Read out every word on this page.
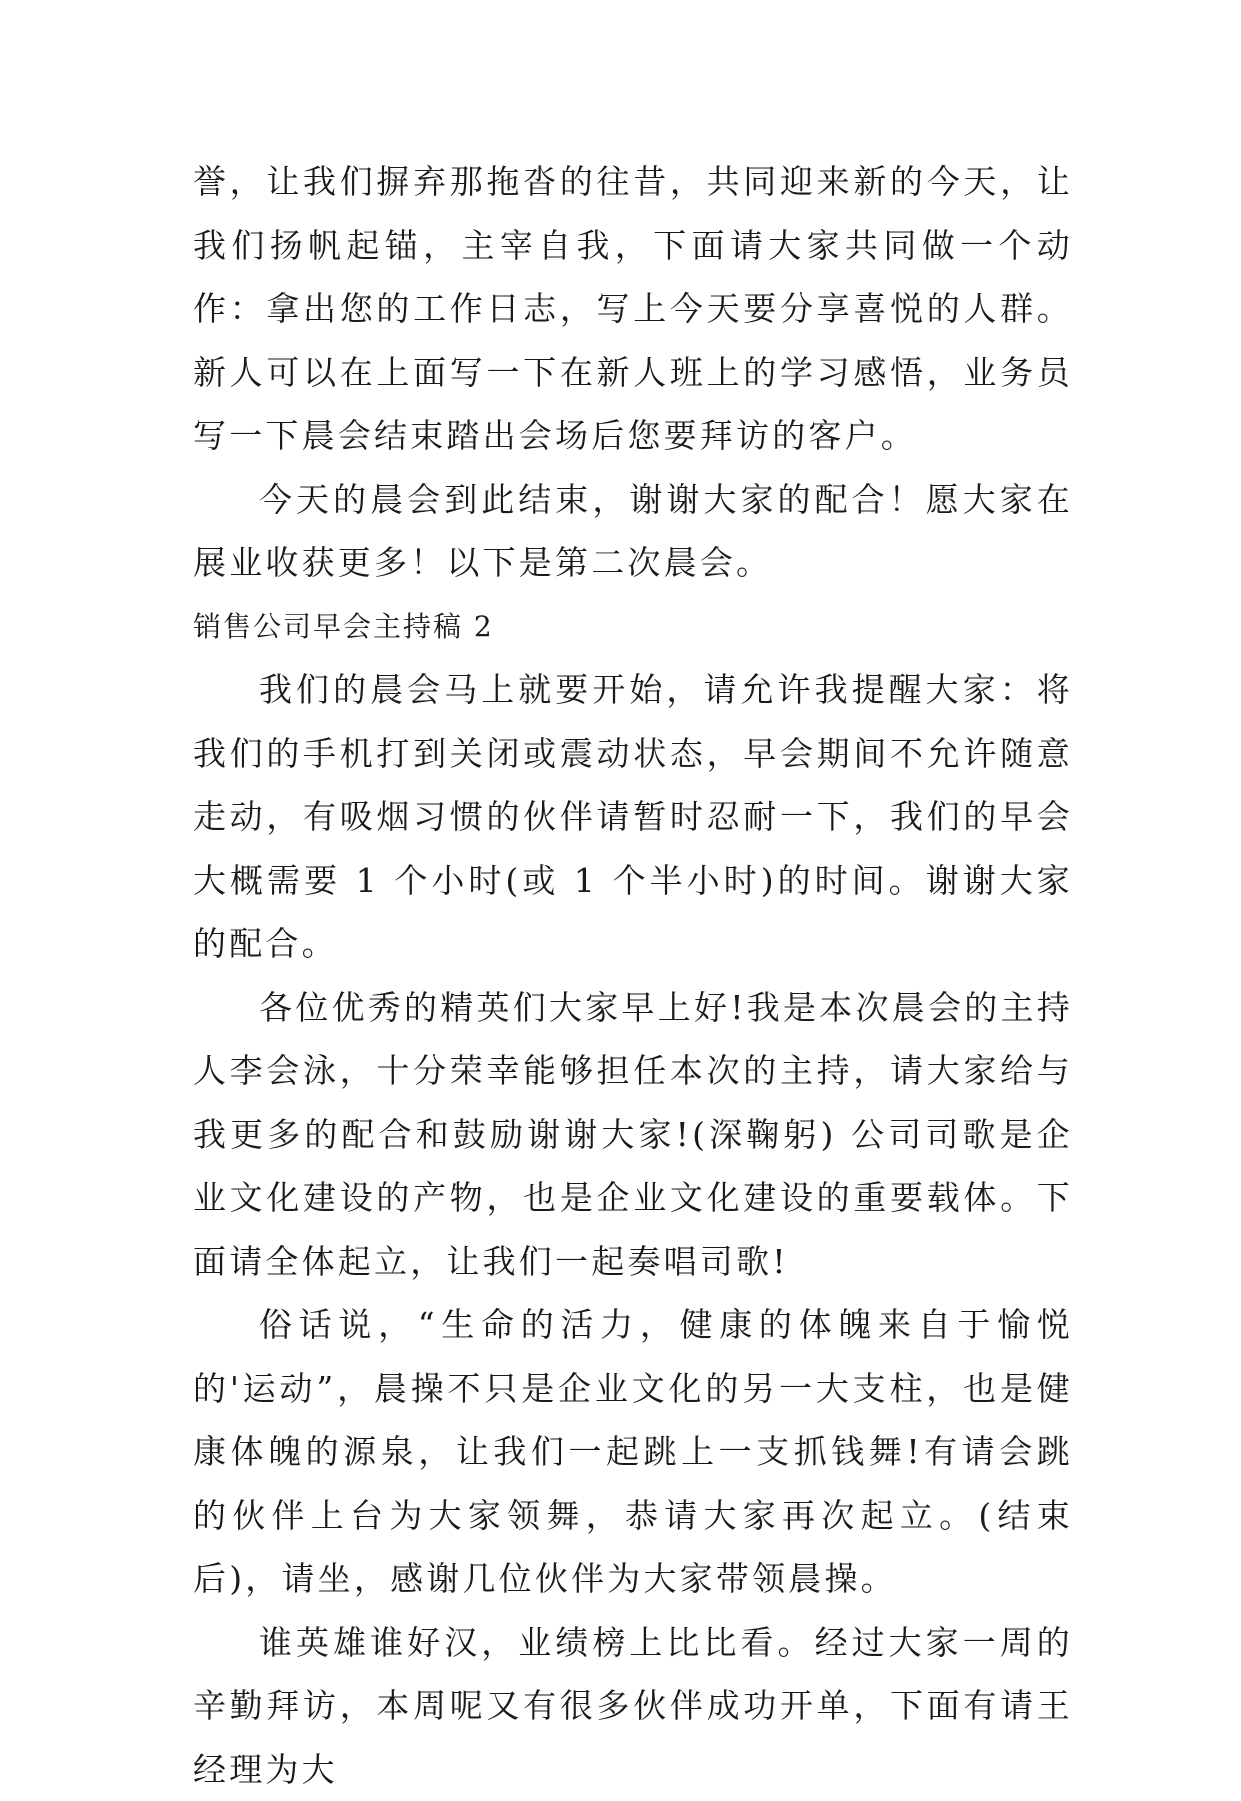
誉，让我们摒弃那拖沓的往昔，共同迎来新的今天，让我们扬帆起锚，主宰自我，下面请大家共同做一个动作：拿出您的工作日志，写上今天要分享喜悦的人群。新人可以在上面写一下在新人班上的学习感悟，业务员写一下晨会结束踏出会场后您要拜访的客户。

今天的晨会到此结束，谢谢大家的配合！愿大家在展业收获更多！以下是第二次晨会。

销售公司早会主持稿 2

我们的晨会马上就要开始，请允许我提醒大家：将我们的手机打到关闭或震动状态，早会期间不允许随意走动，有吸烟习惯的伙伴请暂时忍耐一下，我们的早会大概需要 1 个小时(或 1 个半小时)的时间。谢谢大家的配合。

各位优秀的精英们大家早上好!我是本次晨会的主持人李会泳，十分荣幸能够担任本次的主持，请大家给与我更多的配合和鼓励谢谢大家!(深鞠躬) 公司司歌是企业文化建设的产物，也是企业文化建设的重要载体。下面请全体起立，让我们一起奏唱司歌!

俗话说，“生命的活力，健康的体魄来自于愉悦的'运动”，晨操不只是企业文化的另一大支柱，也是健康体魄的源泉，让我们一起跳上一支抓钱舞!有请会跳的伙伴上台为大家领舞，恭请大家再次起立。(结束后)，请坐，感谢几位伙伴为大家带领晨操。

谁英雄谁好汉，业绩榜上比比看。经过大家一周的辛勤拜访，本周呢又有很多伙伴成功开单，下面有请王经理为大
